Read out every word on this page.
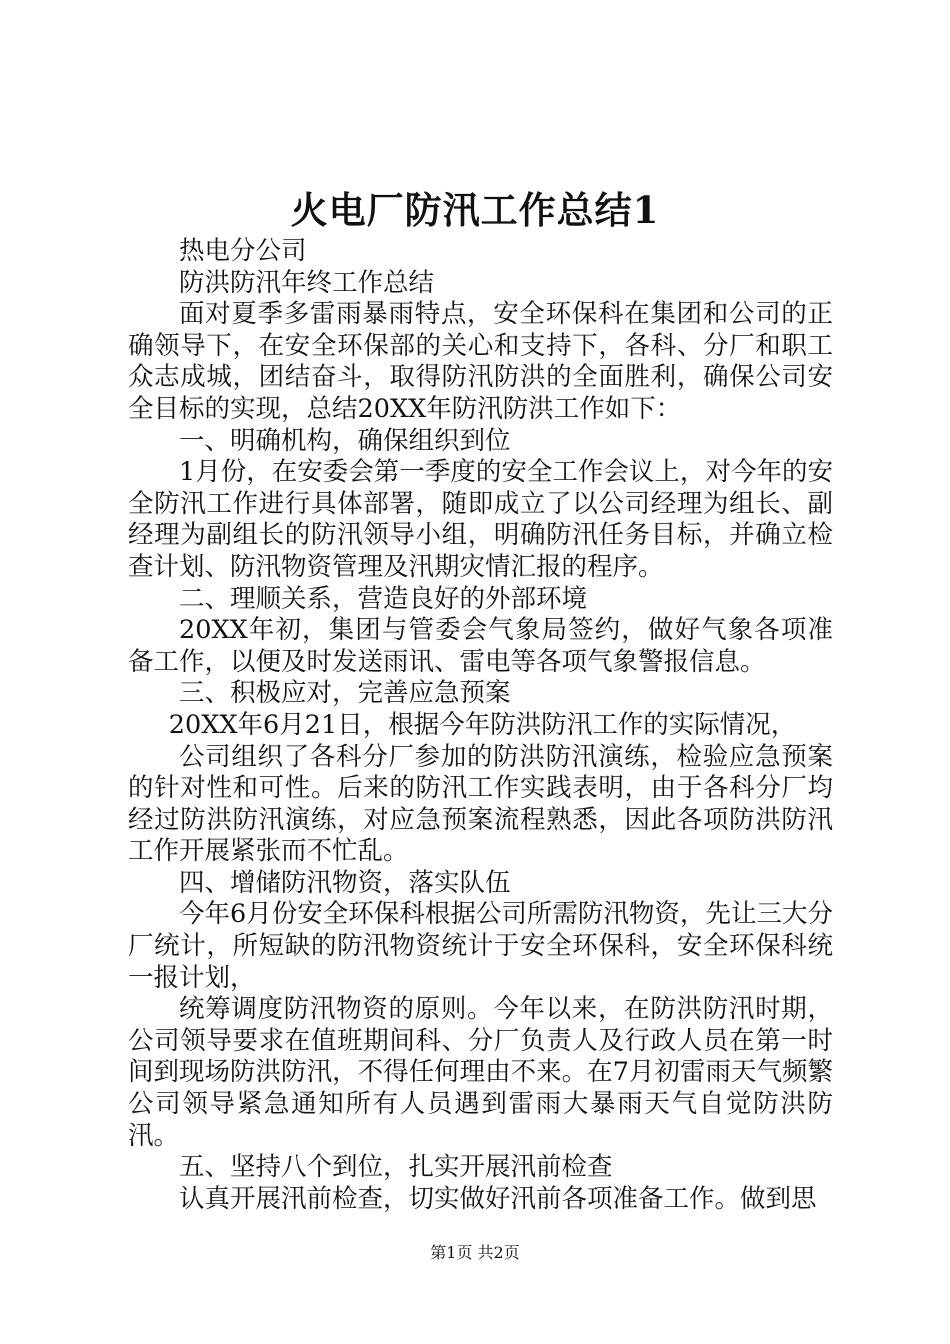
火电厂防汛工作总结1

热电分公司

防洪防汛年终工作总结

面对夏季多雷雨暴雨特点，安全环保科在集团和公司的正确领导下，在安全环保部的关心和支持下，各科、分厂和职工众志成城，团结奋斗，取得防汛防洪的全面胜利，确保公司安全目标的实现，总结20XX年防汛防洪工作如下：

一、明确机构，确保组织到位

1月份，在安委会第一季度的安全工作会议上，对今年的安全防汛工作进行具体部署，随即成立了以公司经理为组长、副经理为副组长的防汛领导小组，明确防汛任务目标，并确立检查计划、防汛物资管理及汛期灾情汇报的程序。

二、理顺关系，营造良好的外部环境

20XX年初，集团与管委会气象局签约，做好气象各项准备工作，以便及时发送雨讯、雷电等各项气象警报信息。

三、积极应对，完善应急预案

20XX年6月21日，根据今年防洪防汛工作的实际情况，

公司组织了各科分厂参加的防洪防汛演练，检验应急预案的针对性和可性。后来的防汛工作实践表明，由于各科分厂均经过防洪防汛演练，对应急预案流程熟悉，因此各项防洪防汛工作开展紧张而不忙乱。

四、增储防汛物资，落实队伍

今年6月份安全环保科根据公司所需防汛物资，先让三大分厂统计，所短缺的防汛物资统计于安全环保科，安全环保科统一报计划，

统筹调度防汛物资的原则。今年以来，在防洪防汛时期，公司领导要求在值班期间科、分厂负责人及行政人员在第一时间到现场防洪防汛，不得任何理由不来。在7月初雷雨天气频繁公司领导紧急通知所有人员遇到雷雨大暴雨天气自觉防洪防汛。

五、坚持八个到位，扎实开展汛前检查

认真开展汛前检查，切实做好汛前各项准备工作。做到思

第1页 共2页
